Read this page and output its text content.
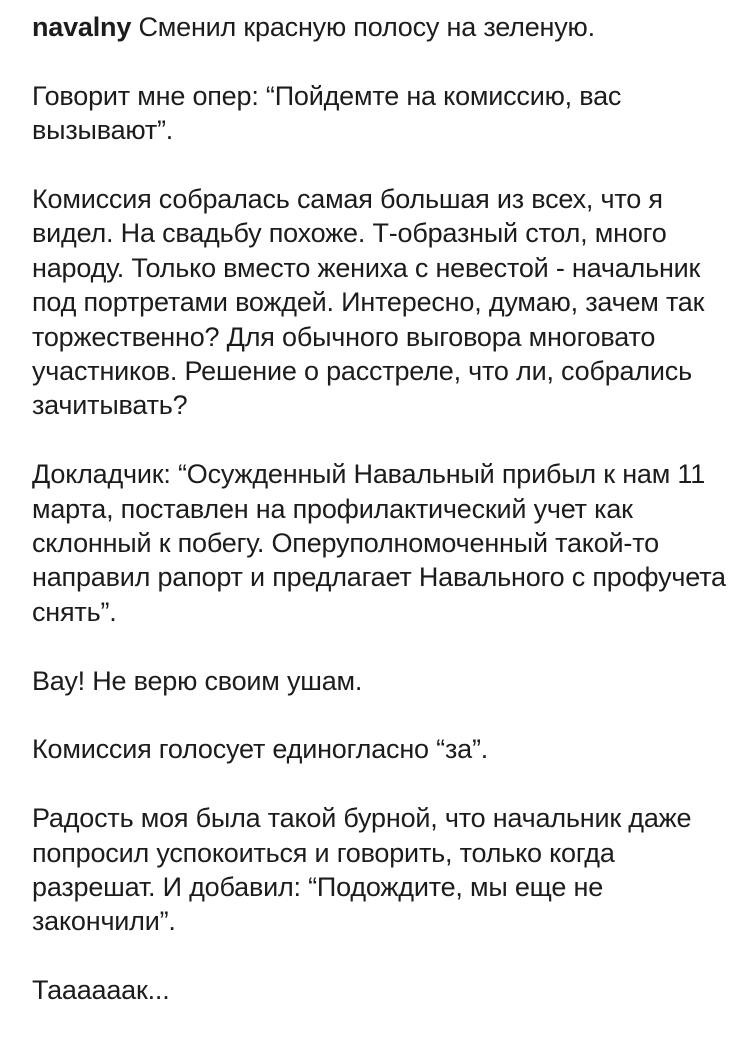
navalny Сменил красную полосу на зеленую.

Говорит мне опер: “Пойдемте на комиссию, вас вызывают”.

Комиссия собралась самая большая из всех, что я видел. На свадьбу похоже. Т-образный стол, много народу. Только вместо жениха с невестой - начальник под портретами вождей. Интересно, думаю, зачем так торжественно? Для обычного выговора многовато участников. Решение о расстреле, что ли, собрались зачитывать?

Докладчик: “Осужденный Навальный прибыл к нам 11 марта, поставлен на профилактический учет как склонный к побегу. Оперуполномоченный такой-то направил рапорт и предлагает Навального с профучета снять”.

Вау! Не верю своим ушам.

Комиссия голосует единогласно “за”.

Радость моя была такой бурной, что начальник даже попросил успокоиться и говорить, только когда разрешат. И добавил: “Подождите, мы еще не закончили”.

Таааааак...
